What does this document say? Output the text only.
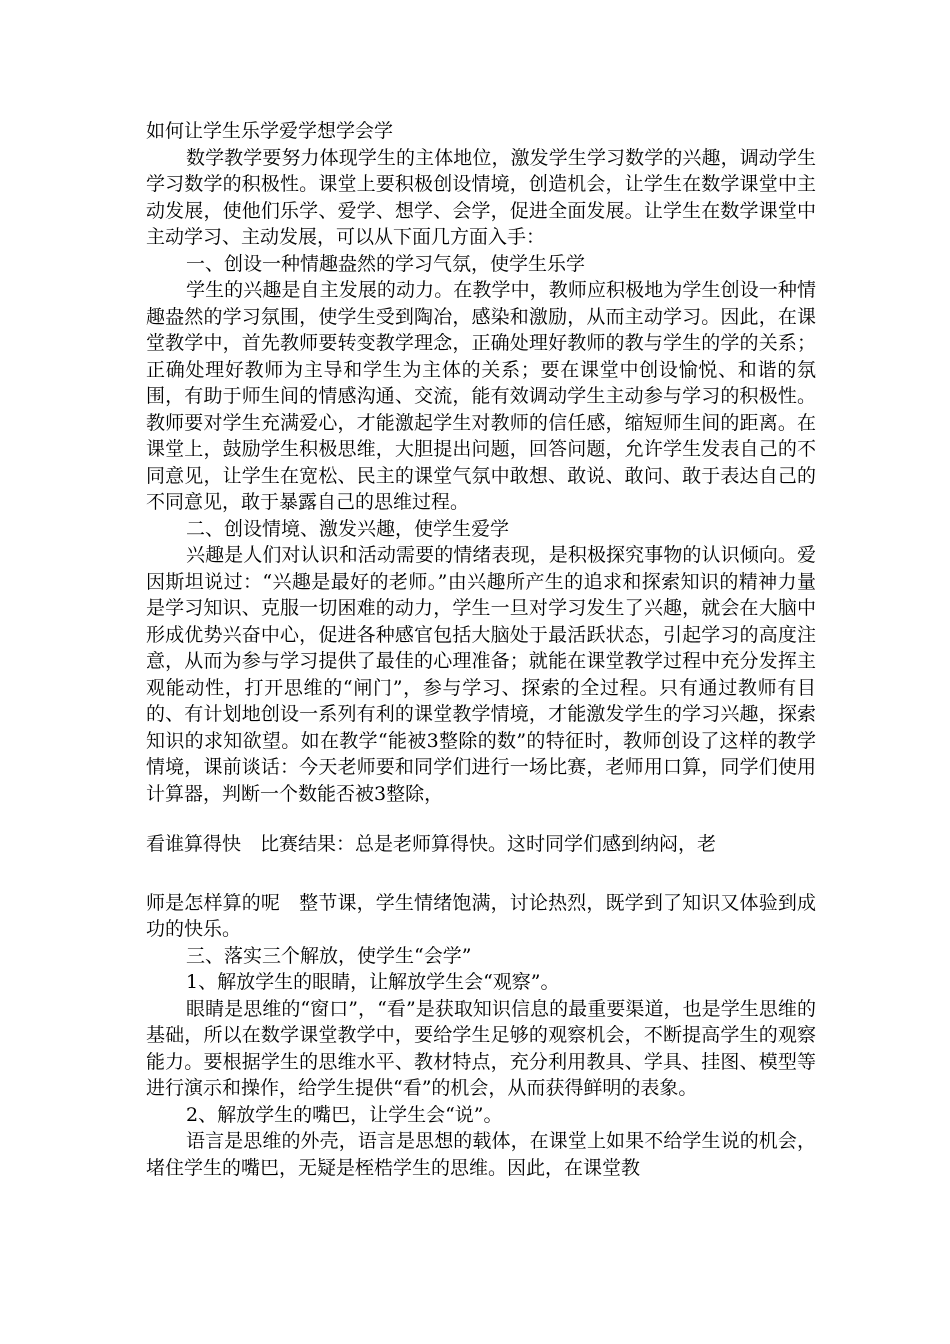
如何让学生乐学爱学想学会学

数学教学要努力体现学生的主体地位，激发学生学习数学的兴趣，调动学生学习数学的积极性。课堂上要积极创设情境，创造机会，让学生在数学课堂中主动发展，使他们乐学、爱学、想学、会学，促进全面发展。让学生在数学课堂中主动学习、主动发展，可以从下面几方面入手：

一、创设一种情趣盎然的学习气氛，使学生乐学

学生的兴趣是自主发展的动力。在教学中，教师应积极地为学生创设一种情趣盎然的学习氛围，使学生受到陶冶，感染和激励，从而主动学习。因此，在课堂教学中，首先教师要转变教学理念，正确处理好教师的教与学生的学的关系；正确处理好教师为主导和学生为主体的关系；要在课堂中创设愉悦、和谐的氛围，有助于师生间的情感沟通、交流，能有效调动学生主动参与学习的积极性。教师要对学生充满爱心，才能激起学生对教师的信任感，缩短师生间的距离。在课堂上，鼓励学生积极思维，大胆提出问题，回答问题，允许学生发表自己的不同意见，让学生在宽松、民主的课堂气氛中敢想、敢说、敢问、敢于表达自己的不同意见，敢于暴露自己的思维过程。

二、创设情境、激发兴趣，使学生爱学

兴趣是人们对认识和活动需要的情绪表现，是积极探究事物的认识倾向。爱因斯坦说过：“兴趣是最好的老师。”由兴趣所产生的追求和探索知识的精神力量是学习知识、克服一切困难的动力，学生一旦对学习发生了兴趣，就会在大脑中形成优势兴奋中心，促进各种感官包括大脑处于最活跃状态，引起学习的高度注意，从而为参与学习提供了最佳的心理准备；就能在课堂教学过程中充分发挥主观能动性，打开思维的“闸门”，参与学习、探索的全过程。只有通过教师有目的、有计划地创设一系列有利的课堂教学情境，才能激发学生的学习兴趣，探索知识的求知欲望。如在教学“能被3整除的数”的特征时，教师创设了这样的教学情境，课前谈话：今天老师要和同学们进行一场比赛，老师用口算，同学们使用计算器，判断一个数能否被3整除，

看谁算得快　比赛结果：总是老师算得快。这时同学们感到纳闷，老

师是怎样算的呢　整节课，学生情绪饱满，讨论热烈，既学到了知识又体验到成功的快乐。

三、落实三个解放，使学生“会学”

1、解放学生的眼睛，让解放学生会“观察”。

眼睛是思维的“窗口”，“看”是获取知识信息的最重要渠道，也是学生思维的基础，所以在数学课堂教学中，要给学生足够的观察机会，不断提高学生的观察能力。要根据学生的思维水平、教材特点，充分利用教具、学具、挂图、模型等进行演示和操作，给学生提供“看”的机会，从而获得鲜明的表象。

2、解放学生的嘴巴，让学生会“说”。

语言是思维的外壳，语言是思想的载体，在课堂上如果不给学生说的机会，堵住学生的嘴巴，无疑是桎梏学生的思维。因此，在课堂教
